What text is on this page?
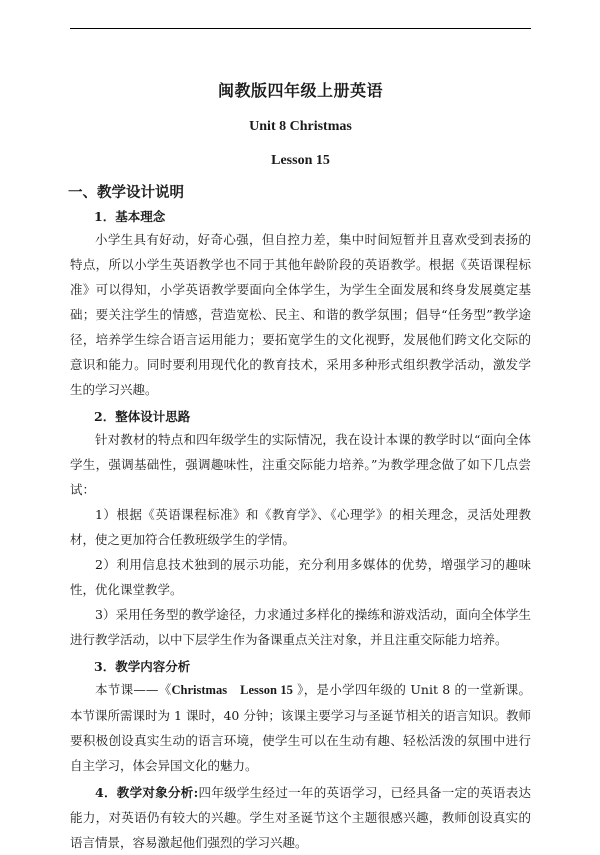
闽教版四年级上册英语

Unit 8 Christmas

Lesson 15

一、教学设计说明
1．基本理念

小学生具有好动，好奇心强，但自控力差，集中时间短暂并且喜欢受到表扬的特点，所以小学生英语教学也不同于其他年龄阶段的英语教学。根据《英语课程标准》可以得知，小学英语教学要面向全体学生，为学生全面发展和终身发展奠定基础；要关注学生的情感，营造宽松、民主、和谐的教学氛围；倡导“任务型”教学途径，培养学生综合语言运用能力；要拓宽学生的文化视野，发展他们跨文化交际的意识和能力。同时要利用现代化的教育技术，采用多种形式组织教学活动，激发学生的学习兴趣。

2．整体设计思路

针对教材的特点和四年级学生的实际情况，我在设计本课的教学时以“面向全体学生，强调基础性，强调趣味性，注重交际能力培养。”为教学理念做了如下几点尝试：

1）根据《英语课程标准》和《教育学》、《心理学》的相关理念，灵活处理教材，使之更加符合任教班级学生的学情。

2）利用信息技术独到的展示功能，充分利用多媒体的优势，增强学习的趣味性，优化课堂教学。

3）采用任务型的教学途径，力求通过多样化的操练和游戏活动，面向全体学生进行教学活动，以中下层学生作为备课重点关注对象，并且注重交际能力培养。

3．教学内容分析

本节课——《Christmas　Lesson 15 》，是小学四年级的 Unit 8 的一堂新课。本节课所需课时为 1 课时，40 分钟；该课主要学习与圣诞节相关的语言知识。教师要积极创设真实生动的语言环境，使学生可以在生动有趣、轻松活泼的氛围中进行自主学习，体会异国文化的魅力。

4．教学对象分析:四年级学生经过一年的英语学习，已经具备一定的英语表达能力，对英语仍有较大的兴趣。学生对圣诞节这个主题很感兴趣，教师创设真实的语言情景，容易激起他们强烈的学习兴趣。
